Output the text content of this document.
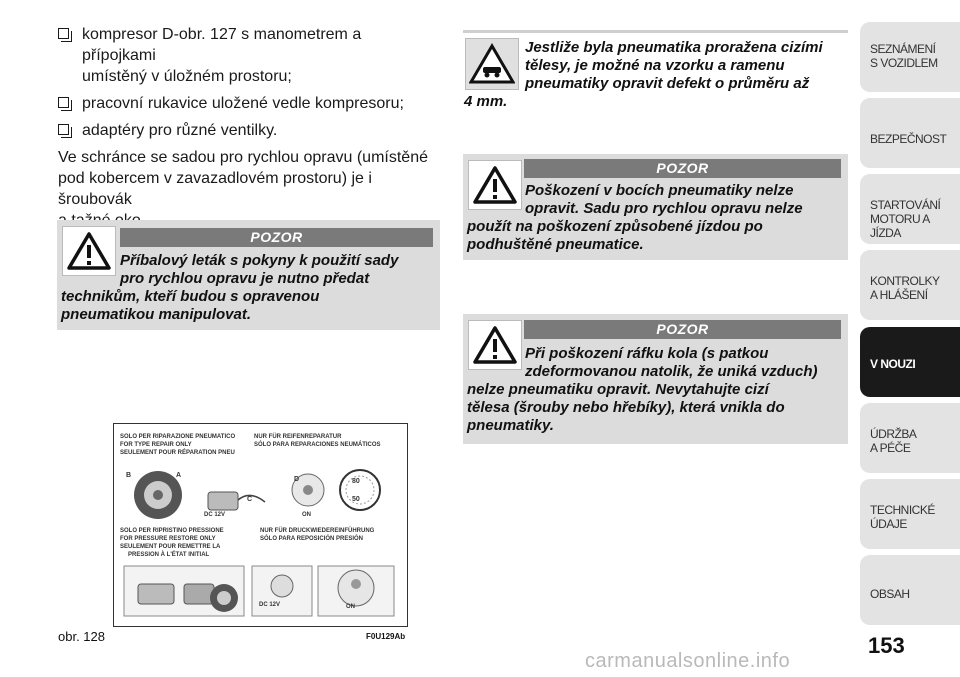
kompresor D-obr. 127 s manometrem a přípojkami
umístěný v úložném prostoru;
pracovní rukavice uložené vedle kompresoru;
adaptéry pro různé ventilky.
Ve schránce se sadou pro rychlou opravu (umístěné
pod kobercem v zavazadlovém prostoru) je i šroubovák

POZOR
Příbalový leták s pokyny k použití sady
pro rychlou opravu je nutno předat
technikům, kteří budou s opravenou
pneumatikou manipulovat.
SOLO PER RIPARAZIONE PNEUMATICO
FOR TYPE REPAIR ONLY
SEULEMENT POUR RÉPARATION PNEU
NUR FÜR REIFENREPARATUR
SÓLO PARA REPARACIONES NEUMÁTICOS
A
B
C
D	80
50
DC 12V	ON
SOLO PER RIPRISTINO PRESSIONE
FOR PRESSURE RESTORE ONLY
SEULEMENT POUR REMETTRE LA
PRESSION À L'ÉTAT INITIAL
NUR FÜR DRUCKWIEDEREINFÜHRUNG
SÓLO PARA REPOSICIÓN PRESIÓN
DC 12V	ON
obr. 128	F0U129Ab
Jestliže byla pneumatika proražena cizími
tělesy, je možné na vzorku a ramenu
pneumatiky opravit defekt o průměru až
4 mm.
POZOR
Poškození v bocích pneumatiky nelze
opravit. Sadu pro rychlou opravu nelze
použít na poškození způsobené jízdou po
podhuštěné pneumatice.
POZOR
Při poškození ráfku kola (s patkou
zdeformovanou natolik, že uniká vzduch)
nelze pneumatiku opravit. Nevytahujte cizí
tělesa (šrouby nebo hřebíky), která vnikla do
pneumatiky.
SEZNÁMENÍ
S VOZIDLEM
BEZPEČNOST
STARTOVÁNÍ
MOTORU A JÍZDA
KONTROLKY
A HLÁŠENÍ
V NOUZI
ÚDRŽBA
A PÉČE
TECHNICKÉ
ÚDAJE
OBSAH
153
carmanualsonline.info
